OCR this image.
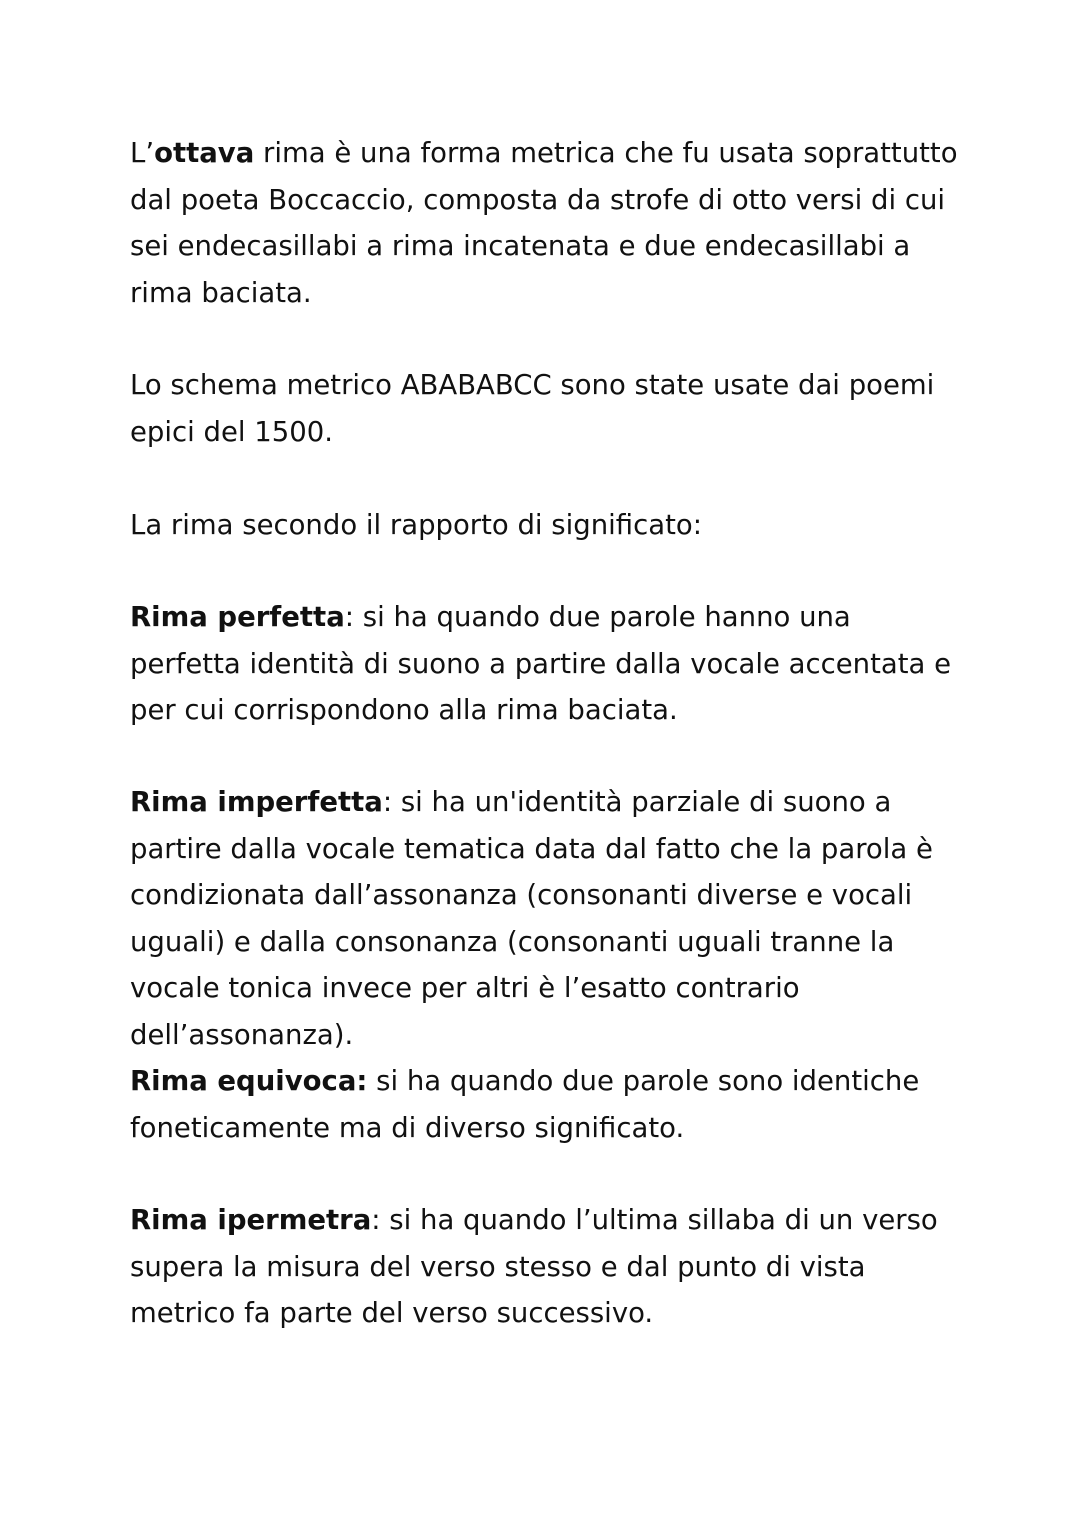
L’ottava rima è una forma metrica che fu usata soprattutto dal poeta Boccaccio, composta da strofe di otto versi di cui sei endecasillabi a rima incatenata e due endecasillabi a rima baciata.

Lo schema metrico ABABABCC sono state usate dai poemi epici del 1500.

La rima secondo il rapporto di significato:

Rima perfetta: si ha quando due parole hanno una perfetta identità di suono a partire dalla vocale accentata e per cui corrispondono alla rima baciata.

Rima imperfetta: si ha un'identità parziale di suono a partire dalla vocale tematica data dal fatto che la parola è condizionata dall’assonanza (consonanti diverse e vocali uguali) e dalla consonanza (consonanti uguali tranne la vocale tonica invece per altri è l’esatto contrario dell’assonanza).

Rima equivoca: si ha quando due parole sono identiche foneticamente ma di diverso significato.

Rima ipermetra: si ha quando l’ultima sillaba di un verso supera la misura del verso stesso e dal punto di vista metrico fa parte del verso successivo.
